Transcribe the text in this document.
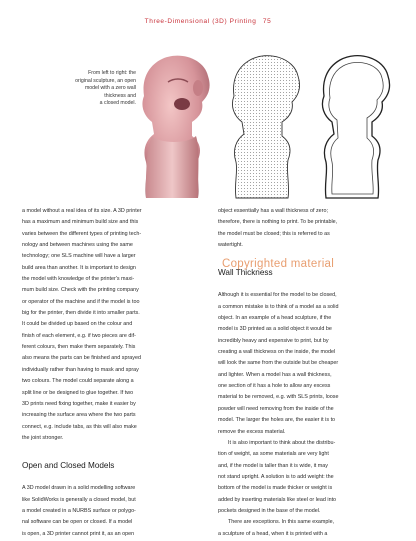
Three-Dimensional (3D) Printing 75
From left to right: the
original sculpture, an open
model with a zero wall
thickness and
a closed model.
a model without a real idea of its size. A 3D printer
has a maximum and minimum build size and this
varies between the different types of printing tech-
nology and between machines using the same
technology; one SLS machine will have a larger
build area than another. It is important to design
the model with knowledge of the printer's maxi-
mum build size. Check with the printing company
or operator of the machine and if the model is too
big for the printer, then divide it into smaller parts.
It could be divided up based on the colour and
finish of each element, e.g. if two pieces are dif-
ferent colours, then make them separately. This
also means the parts can be finished and sprayed
individually rather than having to mask and spray
two colours. The model could separate along a
split line or be designed to glue together. If two
3D prints need fixing together, make it easier by
increasing the surface area where the two parts
connect, e.g. include tabs, as this will also make
the joint stronger.
Open and Closed Models
A 3D model drawn in a solid modelling software
like SolidWorks is generally a closed model, but
a model created in a NURBS surface or polygo-
nal software can be open or closed. If a model
is open, a 3D printer cannot print it, as an open
object essentially has a wall thickness of zero;
therefore, there is nothing to print. To be printable,
the model must be closed; this is referred to as
watertight.
Wall Thickness
Although it is essential for the model to be closed,
a common mistake is to think of a model as a solid
object. In an example of a head sculpture, if the
model is 3D printed as a solid object it would be
incredibly heavy and expensive to print, but by
creating a wall thickness on the inside, the model
will look the same from the outside but be cheaper
and lighter. When a model has a wall thickness,
one section of it has a hole to allow any excess
material to be removed, e.g. with SLS prints, loose
powder will need removing from the inside of the
model. The larger the holes are, the easier it is to
remove the excess material.
It is also important to think about the distribu-
tion of weight, as some materials are very light
and, if the model is taller than it is wide, it may
not stand upright. A solution is to add weight: the
bottom of the model is made thicker or weight is
added by inserting materials like steel or lead into
pockets designed in the base of the model.
There are exceptions. In this same example,
a sculpture of a head, when it is printed with a
Copyrighted material
